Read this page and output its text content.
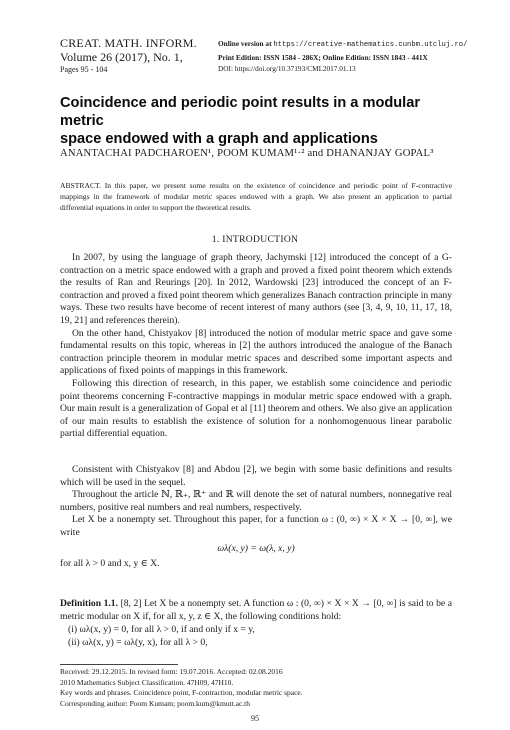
CREAT. MATH. INFORM.
Volume 26 (2017), No. 1,
Pages 95 - 104
Online version at https://creative-mathematics.cunbm.utcluj.ro/
Print Edition: ISSN 1584 - 286X; Online Edition: ISSN 1843 - 441X
DOI: https://doi.org/10.37193/CMI.2017.01.13
Coincidence and periodic point results in a modular metric
space endowed with a graph and applications
ANANTACHAI PADCHAROEN¹, POOM KUMAM¹·² and DHANANJAY GOPAL³
ABSTRACT. In this paper, we present some results on the existence of coincidence and periodic point of F-contractive mappings in the framework of modular metric spaces endowed with a graph. We also present an application to partial differential equations in order to support the theoretical results.
1. INTRODUCTION

In 2007, by using the language of graph theory, Jachymski [12] introduced the concept of a G-contraction on a metric space endowed with a graph and proved a fixed point theorem which extends the results of Ran and Reurings [20]. In 2012, Wardowski [23] introduced the concept of an F-contraction and proved a fixed point theorem which generalizes Banach contraction principle in many ways. These two results have become of recent interest of many authors (see [3, 4, 9, 10, 11, 17, 18, 19, 21] and references therein).

On the other hand, Chistyakov [8] introduced the notion of modular metric space and gave some fundamental results on this topic, whereas in [2] the authors introduced the analogue of the Banach contraction principle theorem in modular metric spaces and described some important aspects and applications of fixed points of mappings in this framework.

Following this direction of research, in this paper, we establish some coincidence and periodic point theorems concerning F-contractive mappings in modular metric space endowed with a graph. Our main result is a generalization of Gopal et al [11] theorem and others. We also give an application of our main results to establish the existence of solution for a nonhomogenuous linear parabolic partial differential equation.

Consistent with Chistyakov [8] and Abdou [2], we begin with some basic definitions and results which will be used in the sequel.

Throughout the article ℕ, ℝ₊, ℝ⁺ and ℝ will denote the set of natural numbers, nonnegative real numbers, positive real numbers and real numbers, respectively.

Let X be a nonempty set. Throughout this paper, for a function ω : (0, ∞) × X × X → [0, ∞], we write

ωλ(x, y) = ω(λ, x, y)

for all λ > 0 and x, y ∈ X.

Definition 1.1. [8, 2] Let X be a nonempty set. A function ω : (0, ∞) × X × X → [0, ∞] is said to be a metric modular on X if, for all x, y, z ∈ X, the following conditions hold:

(i) ωλ(x, y) = 0, for all λ > 0, if and only if x = y,
(ii) ωλ(x, y) = ωλ(y, x), for all λ > 0,
Received: 29.12.2015. In revised form: 19.07.2016. Accepted: 02.08.2016
2010 Mathematics Subject Classification. 47H09, 47H10.
Key words and phrases. Coincidence point, F-contraction, modular metric space.
Corresponding author: Poom Kumam; poom.kum@kmutt.ac.th
95
